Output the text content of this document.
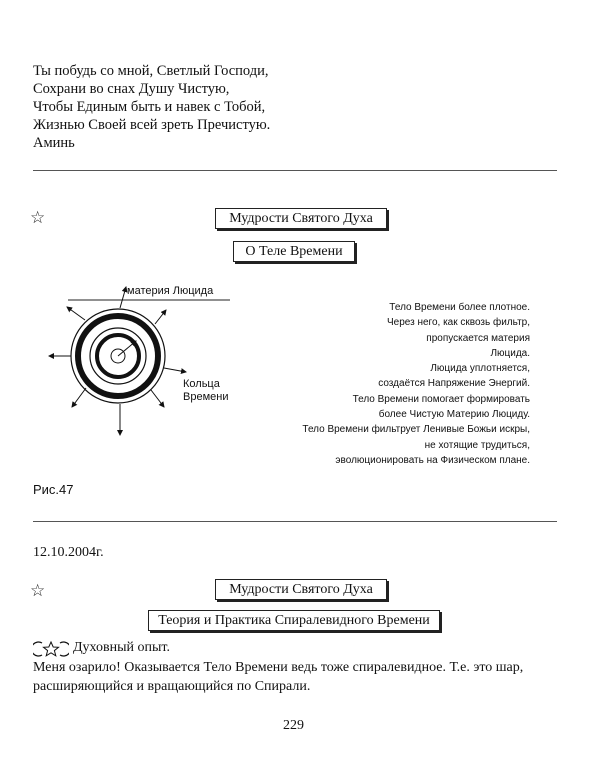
Ты побудь со мной, Светлый Господи,
Сохрани во снах Душу Чистую,
Чтобы Единым быть и навек с Тобой,
Жизнью Своей всей зреть Пречистую.
Аминь
☆	Мудрости Святого Духа
О Теле Времени
материя Люцида
Кольца
Времени
Тело Времени более плотное.
Через него, как сквозь фильтр,
пропускается материя
Люцида.
Люцида уплотняется,
создаётся Напряжение Энергий.
Тело Времени помогает формировать
более Чистую Материю Люциду.
Тело Времени фильтрует Ленивые Божьи искры,
не хотящие трудиться,
эволюционировать на Физическом плане.
Рис.47
12.10.2004г.
☆	Мудрости Святого Духа
Теория и Практика Спиралевидного Времени
Духовный опыт.
Меня озарило! Оказывается Тело Времени ведь тоже спиралевидное. Т.е. это шар,
расширяющийся и вращающийся по Спирали.
229
